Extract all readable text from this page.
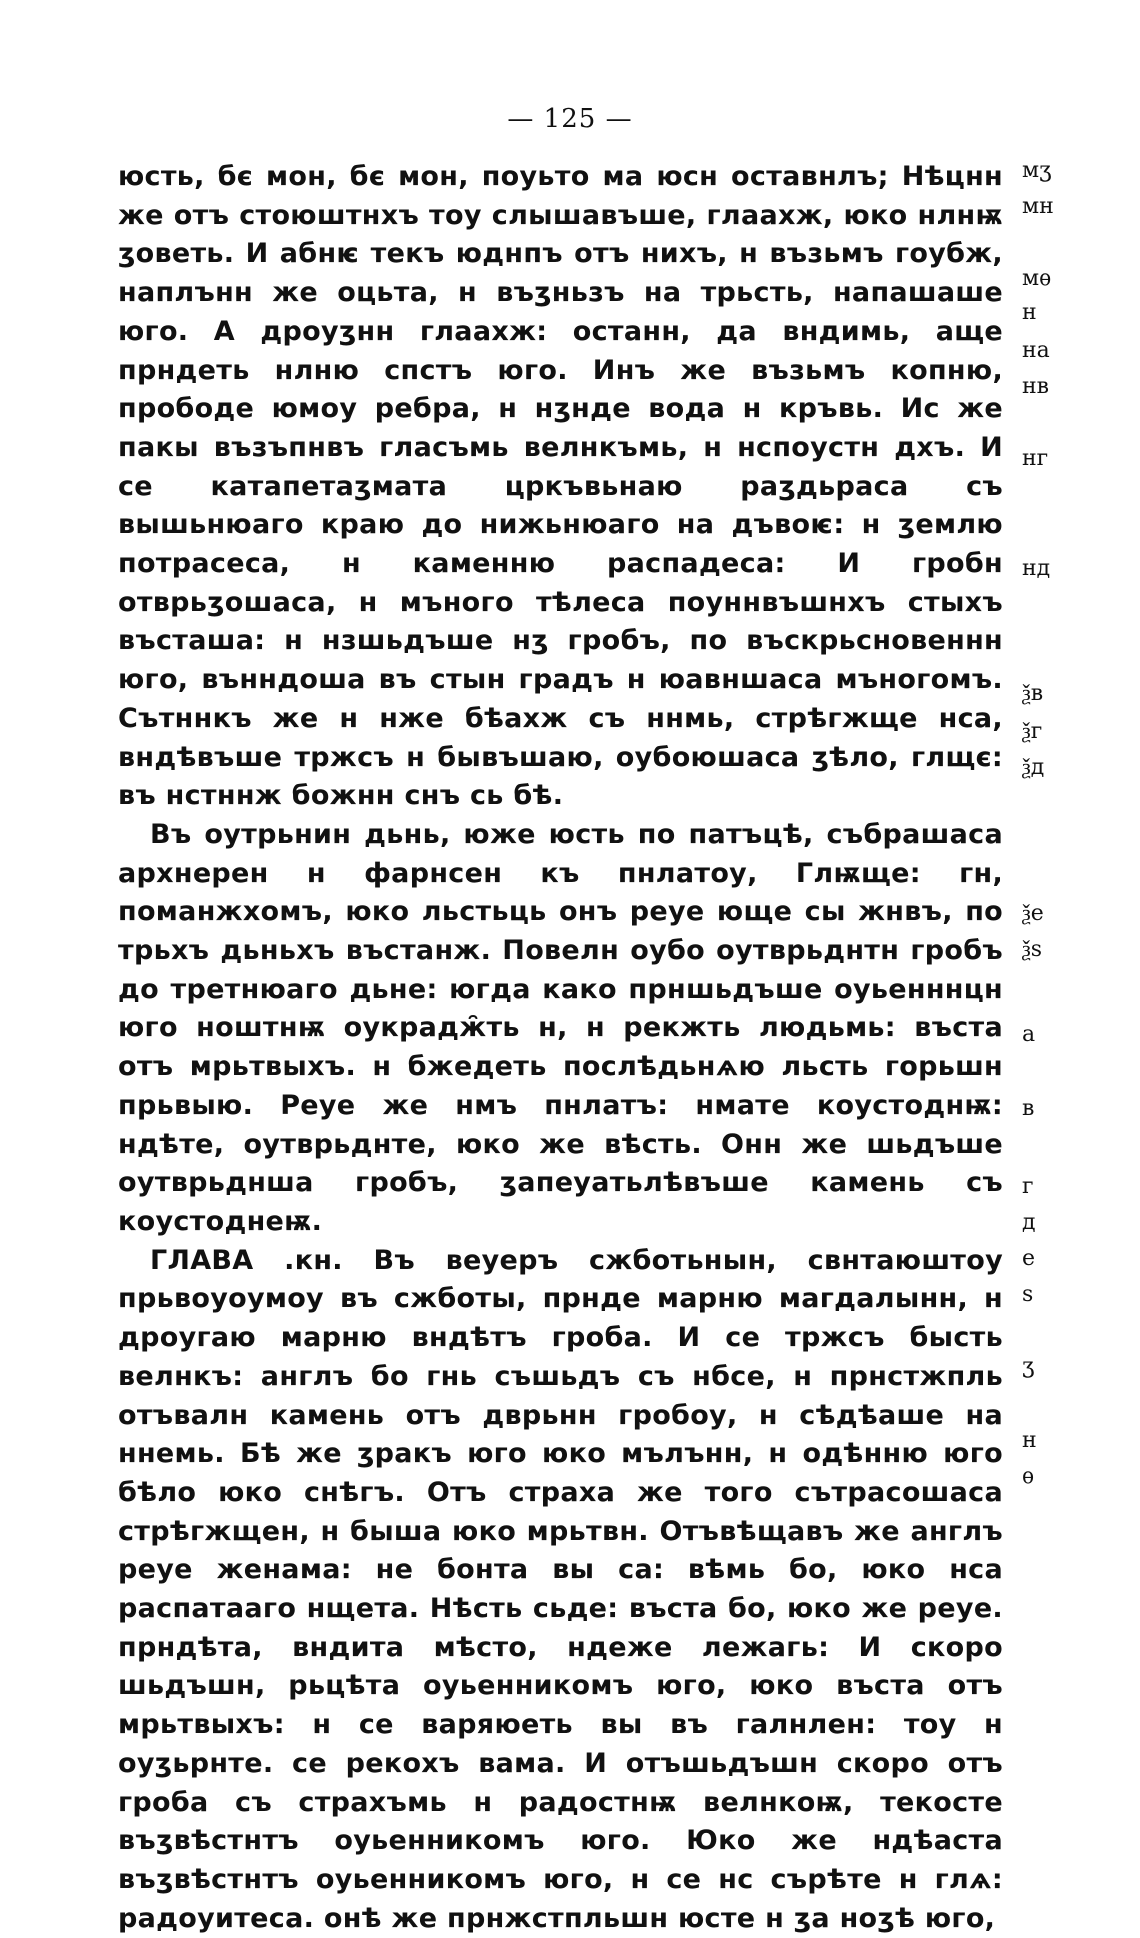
— 125 —

юсть, бє мон, бє мон, поуьто ма юсн оставнлъ; Нѣцнн же отъ стоюштнхъ тоу слышавъше, глаахж, юко нлнѭ ӡоветь. И абнѥ текъ юднпъ отъ нихъ, н възьмъ гоубж, наплънн же оцьта, н въӡньзъ на трьсть, напашаше юго. А дроуӡнн глаахж: останн, да вндимь, аще прндеть нлню спстъ юго. Инъ же възьмъ копню, прободе юмоу ребра, н нӡнде вода н кръвь. Ис же пакы възъпнвъ гласъмь велнкъмь, н нспоустн дхъ. И се катапетаӡмата цркъвьнаю раӡдьраса съ вышьнюаго краю до нижьнюаго на дъвоѥ: н ӡемлю потрасеса, н каменню распадеса: И гробн отврьӡошаса, н мъного тѣлеса поуннвъшнхъ стыхъ въсташа: н нзшьдъше нӡ гробъ, по въскрьсновеннн юго, вънндоша въ стын градъ н юавншаса мъногомъ. Сътннкъ же н нже бѣахж съ ннмь, стрѣгжще нса, вндѣвъше тржсъ н бывъшаю, оубоюшаса ӡѣло, глщє: въ нстннж божнн снъ сь бѣ.

Въ оутрьнин дьнь, юже юсть по патъцѣ, събрашаса архнерен н фарнсен къ пнлатоу, Глѭще: гн, поманжхомъ, юко льстьць онъ реуе юще сы жнвъ, по трьхъ дьньхъ въстанж. Повелн оубо оутврьднтн гробъ до третнюаго дьне: югда како прншьдъше оуьенннцн юго ноштнѭ оукрадж̑ть н, н рекжть людьмь: въста отъ мрьтвыхъ. н бжедеть послѣдьнѧю льсть горьшн прьвыю. Реуе же нмъ пнлатъ: нмате коустоднѭ: ндѣте, оутврьднте, юко же вѣсть. Онн же шьдъше оутврьднша гробъ, ӡапеуатьлѣвъше камень съ коустоднеѭ.

ГЛАВА .кн. Въ веуеръ сжботьнын, свнтаюштоу прьвоуоумоу въ сжботы, прнде марню магдалынн, н дроугаю марню вндѣтъ гроба. И се тржсъ бысть велнкъ: англъ бо гнь съшьдъ съ нбсе, н прнстжпль отъвалн камень отъ дврьнн гробоу, н сѣдѣаше на ннемь. Бѣ же ӡракъ юго юко мълънн, н одѣнню юго бѣло юко снѣгъ. Отъ страха же того сътрасошаса стрѣгжщен, н быша юко мрьтвн. Отъвѣщавъ же англъ реуе женама: не бонта вы са: вѣмь бо, юко нса распатааго нщета. Нѣсть сьде: въста бо, юко же реуе. прндѣта, вндита мѣсто, ндеже лежагь: И скоро шьдъшн, рьцѣта оуьенникомъ юго, юко въста отъ мрьтвыхъ: н се варяюеть вы въ галнлен: тоу н оуӡьрнте. се рекохъ вама. И отъшьдъшн скоро отъ гроба съ страхъмь н радостнѭ велнкоѭ, текосте въӡвѣстнтъ оуьенникомъ юго. Юко же ндѣаста въӡвѣстнтъ оуьенникомъ юго, н се нс сърѣте н глѧ: радоуитеса. онѣ же прнжстпльшн юсте н ӡа ноӡѣ юго,

мӡ
мн
мѳ
н
на
нв
нг
нд
ѯв
ѯг
ѯд
ѯе
ѯѕ
а
в
г
д
е
ѕ
ӡ
н
ѳ
